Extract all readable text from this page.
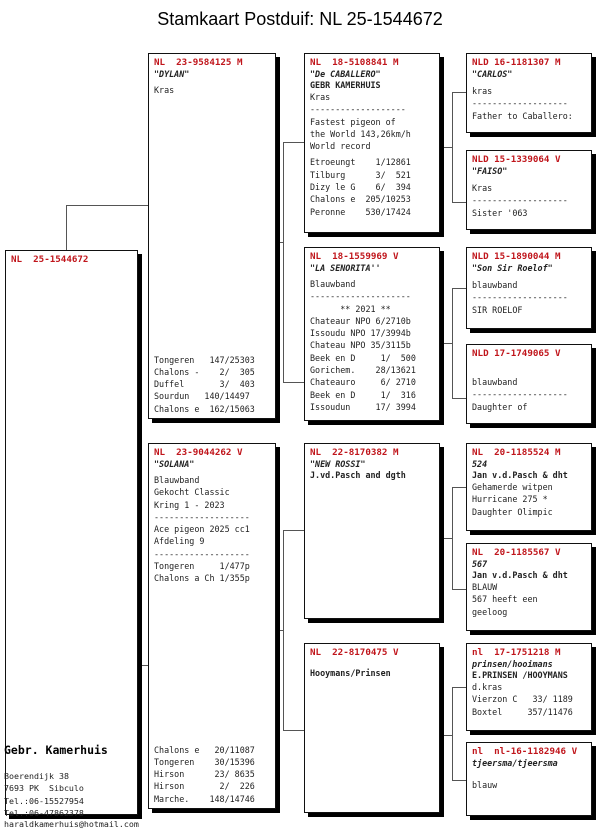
Stamkaart Postduif: NL 25-1544672
NL  25-1544672
NL  23-9584125 M
"DYLAN"
Kras
Tongeren   147/25303
Chalons -    2/  305
Duffel       3/  403
Sourdun   140/14497
Chalons e  162/15063
NL  23-9044262 V
"SOLANA"
Blauwband
Gekocht Classic
Kring 1 - 2023
-------------------
Ace pigeon 2025 cc1
Afdeling 9
-------------------
Tongeren     1/477p
Chalons a Ch 1/355p
Chalons e   20/11087
Tongeren    30/15396
Hirson      23/ 8635
Hirson       2/  226
Marche.    148/14746
NL  18-5108841 M
"De CABALLERO"
GEBR KAMERHUIS
Kras
-------------------
Fastest pigeon of
the World 143,26km/h
World record
Etroeungt    1/12861
Tilburg      3/  521
Dizy le G    6/  394
Chalons e  205/10253
Peronne    530/17424
NL  18-1559969 V
"LA SENORITA''
Blauwband
--------------------
** 2021 **
Chateaur NPO 6/2710b
Issoudu NPO 17/3994b
Chateau NPO 35/3115b
Beek en D     1/  500
Gorichem.    28/13621
Chateauro     6/ 2710
Beek en D     1/  316
Issoudun     17/ 3994
NL  22-8170382 M
"NEW ROSSI"
J.vd.Pasch and dgth
NL  22-8170475 V
Hooymans/Prinsen
NLD 16-1181307 M
"CARLOS"
kras
-------------------
Father to Caballero:
NLD 15-1339064 V
"FAISO"
Kras
-------------------
Sister '063
NLD 15-1890044 M
"Son Sir Roelof"
blauwband
-------------------
SIR ROELOF
NLD 17-1749065 V
blauwband
-------------------
Daughter of
NL  20-1185524 M
524
Jan v.d.Pasch & dht
Gehamerde witpen
Hurricane 275 *
Daughter Olimpic
NL  20-1185567 V
567
Jan v.d.Pasch & dht
BLAUW
567 heeft een
geeloog
nl  17-1751218 M
prinsen/hooimans
E.PRINSEN /HOOYMANS
d.kras
Vierzon C   33/ 1189
Boxtel     357/11476
nl  nl-16-1182946 V
tjeersma/tjeersma
blauw
Gebr. Kamerhuis
Boerendijk 38
7693 PK  Sibculo
Tel.:06-15527954
Tel.:06-47862378
haraldkamerhuis@hotmail.com
